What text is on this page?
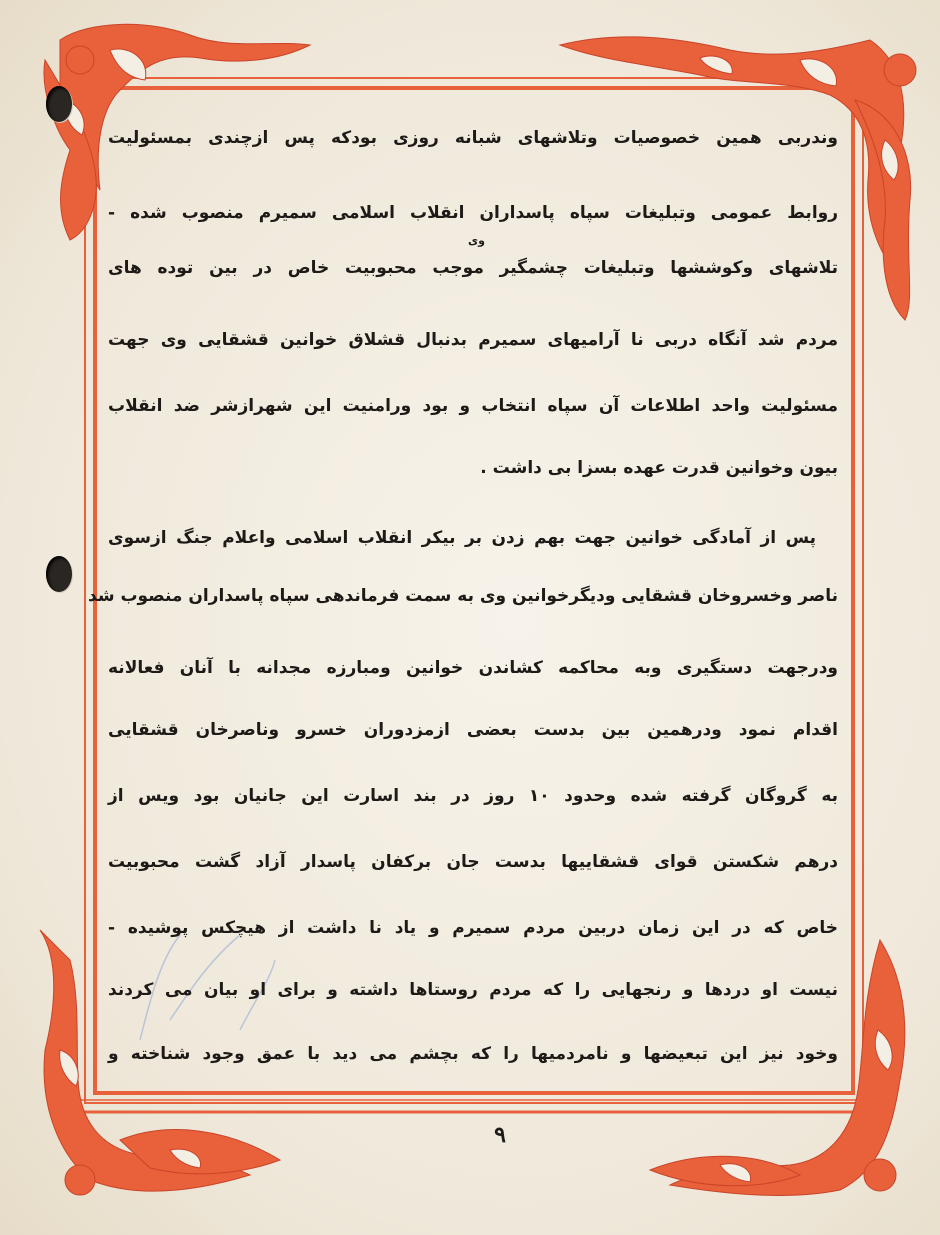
وندربی همین خصوصیات وتلاشهای شبانه روزی بودکه پس ازچندی بمسئولیت
روابط عمومی وتبلیغات سپاه پاسداران انقلاب اسلامی سمیرم منصوب شده -
تلاشهای وکوششها وتبلیغات چشمگیر موجب محبوبیت خاص در بین توده های
مردم شد آنگاه دربی نا آرامیهای سمیرم بدنبال قشلاق خوانین قشقایی وی جهت
مسئولیت واحد اطلاعات آن سپاه انتخاب و بود ورامنیت این شهرازشر ضد انقلاب
بیون وخوانین قدرت عهده بسزا بی داشت .
پس از آمادگی خوانین جهت بهم زدن بر بیکر انقلاب اسلامی واعلام جنگ ازسوی
ناصر وخسروخان قشقایی ودیگرخوانین وی به سمت فرماندهی سپاه پاسداران منصوب شد
ودرجهت دستگیری وبه محاکمه کشاندن خوانین ومبارزه مجدانه با آنان فعالانه
اقدام نمود ودرهمین بین بدست بعضی ازمزدوران خسرو وناصرخان قشقایی
به گروگان گرفته شده وحدود ۱۰ روز در بند اسارت این جانیان بود ویس از
درهم شکستن قوای قشقاییها بدست جان برکفان پاسدار آزاد گشت محبوبیت
خاص که در این زمان دربین مردم سمیرم و یاد نا داشت از هیچکس پوشیده -
نیست او دردها و رنجهایی را که مردم روستاها داشته و برای او بیان می کردند
وخود نیز این تبعیضها و نامردمیها را که بچشم می دید با عمق وجود شناخته و
وی
۹
